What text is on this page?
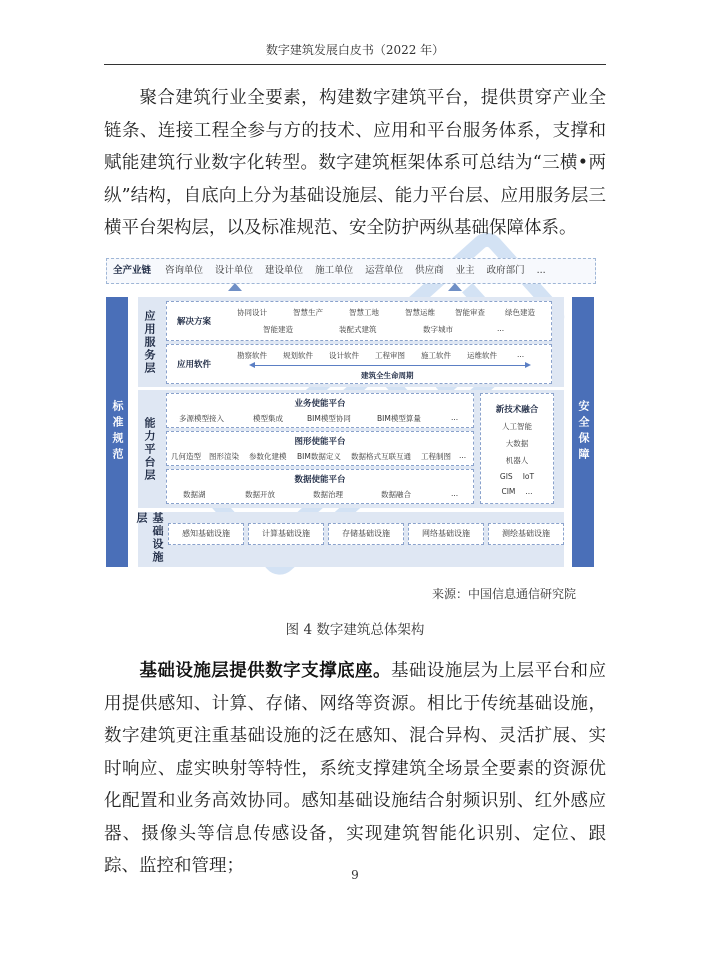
数字建筑发展白皮书（2022 年）
聚合建筑行业全要素，构建数字建筑平台，提供贯穿产业全链条、连接工程全参与方的技术、应用和平台服务体系，支撑和赋能建筑行业数字化转型。数字建筑框架体系可总结为“三横•两纵”结构，自底向上分为基础设施层、能力平台层、应用服务层三横平台架构层，以及标准规范、安全防护两纵基础保障体系。
全产业链	咨询单位	设计单位	建设单位	施工单位	运营单位	供应商	业主	政府部门	...
标准规范	安全保障
应用服务层	解决方案
协同设计	智慧生产	智慧工地	智慧运维	智能审查	绿色建造
智能建造	装配式建筑	数字城市	...
应用软件
勘察软件 规划软件 设计软件 工程审图 施工软件 运维软件	...
建筑全生命周期
能力平台层
业务使能平台
多源模型接入	模型集成	BIM模型协同	BIM模型算量	...
图形使能平台
几何造型 图形渲染 参数化建模 BIM数据定义 数据格式互联互通 工程制图 ...
数据使能平台
数据湖	数据开放	数据治理	数据融合	...
新技术融合
人工智能
大数据
机器人
GIS IoT
CIM ...
基础设施层
感知基础设施	计算基础设施	存储基础设施	网络基础设施	测绘基础设施
来源：中国信息通信研究院
图 4 数字建筑总体架构
基础设施层提供数字支撑底座。基础设施层为上层平台和应用提供感知、计算、存储、网络等资源。相比于传统基础设施，数字建筑更注重基础设施的泛在感知、混合异构、灵活扩展、实时响应、虚实映射等特性，系统支撑建筑全场景全要素的资源优化配置和业务高效协同。感知基础设施结合射频识别、红外感应器、摄像头等信息传感设备，实现建筑智能化识别、定位、跟踪、监控和管理；	9
